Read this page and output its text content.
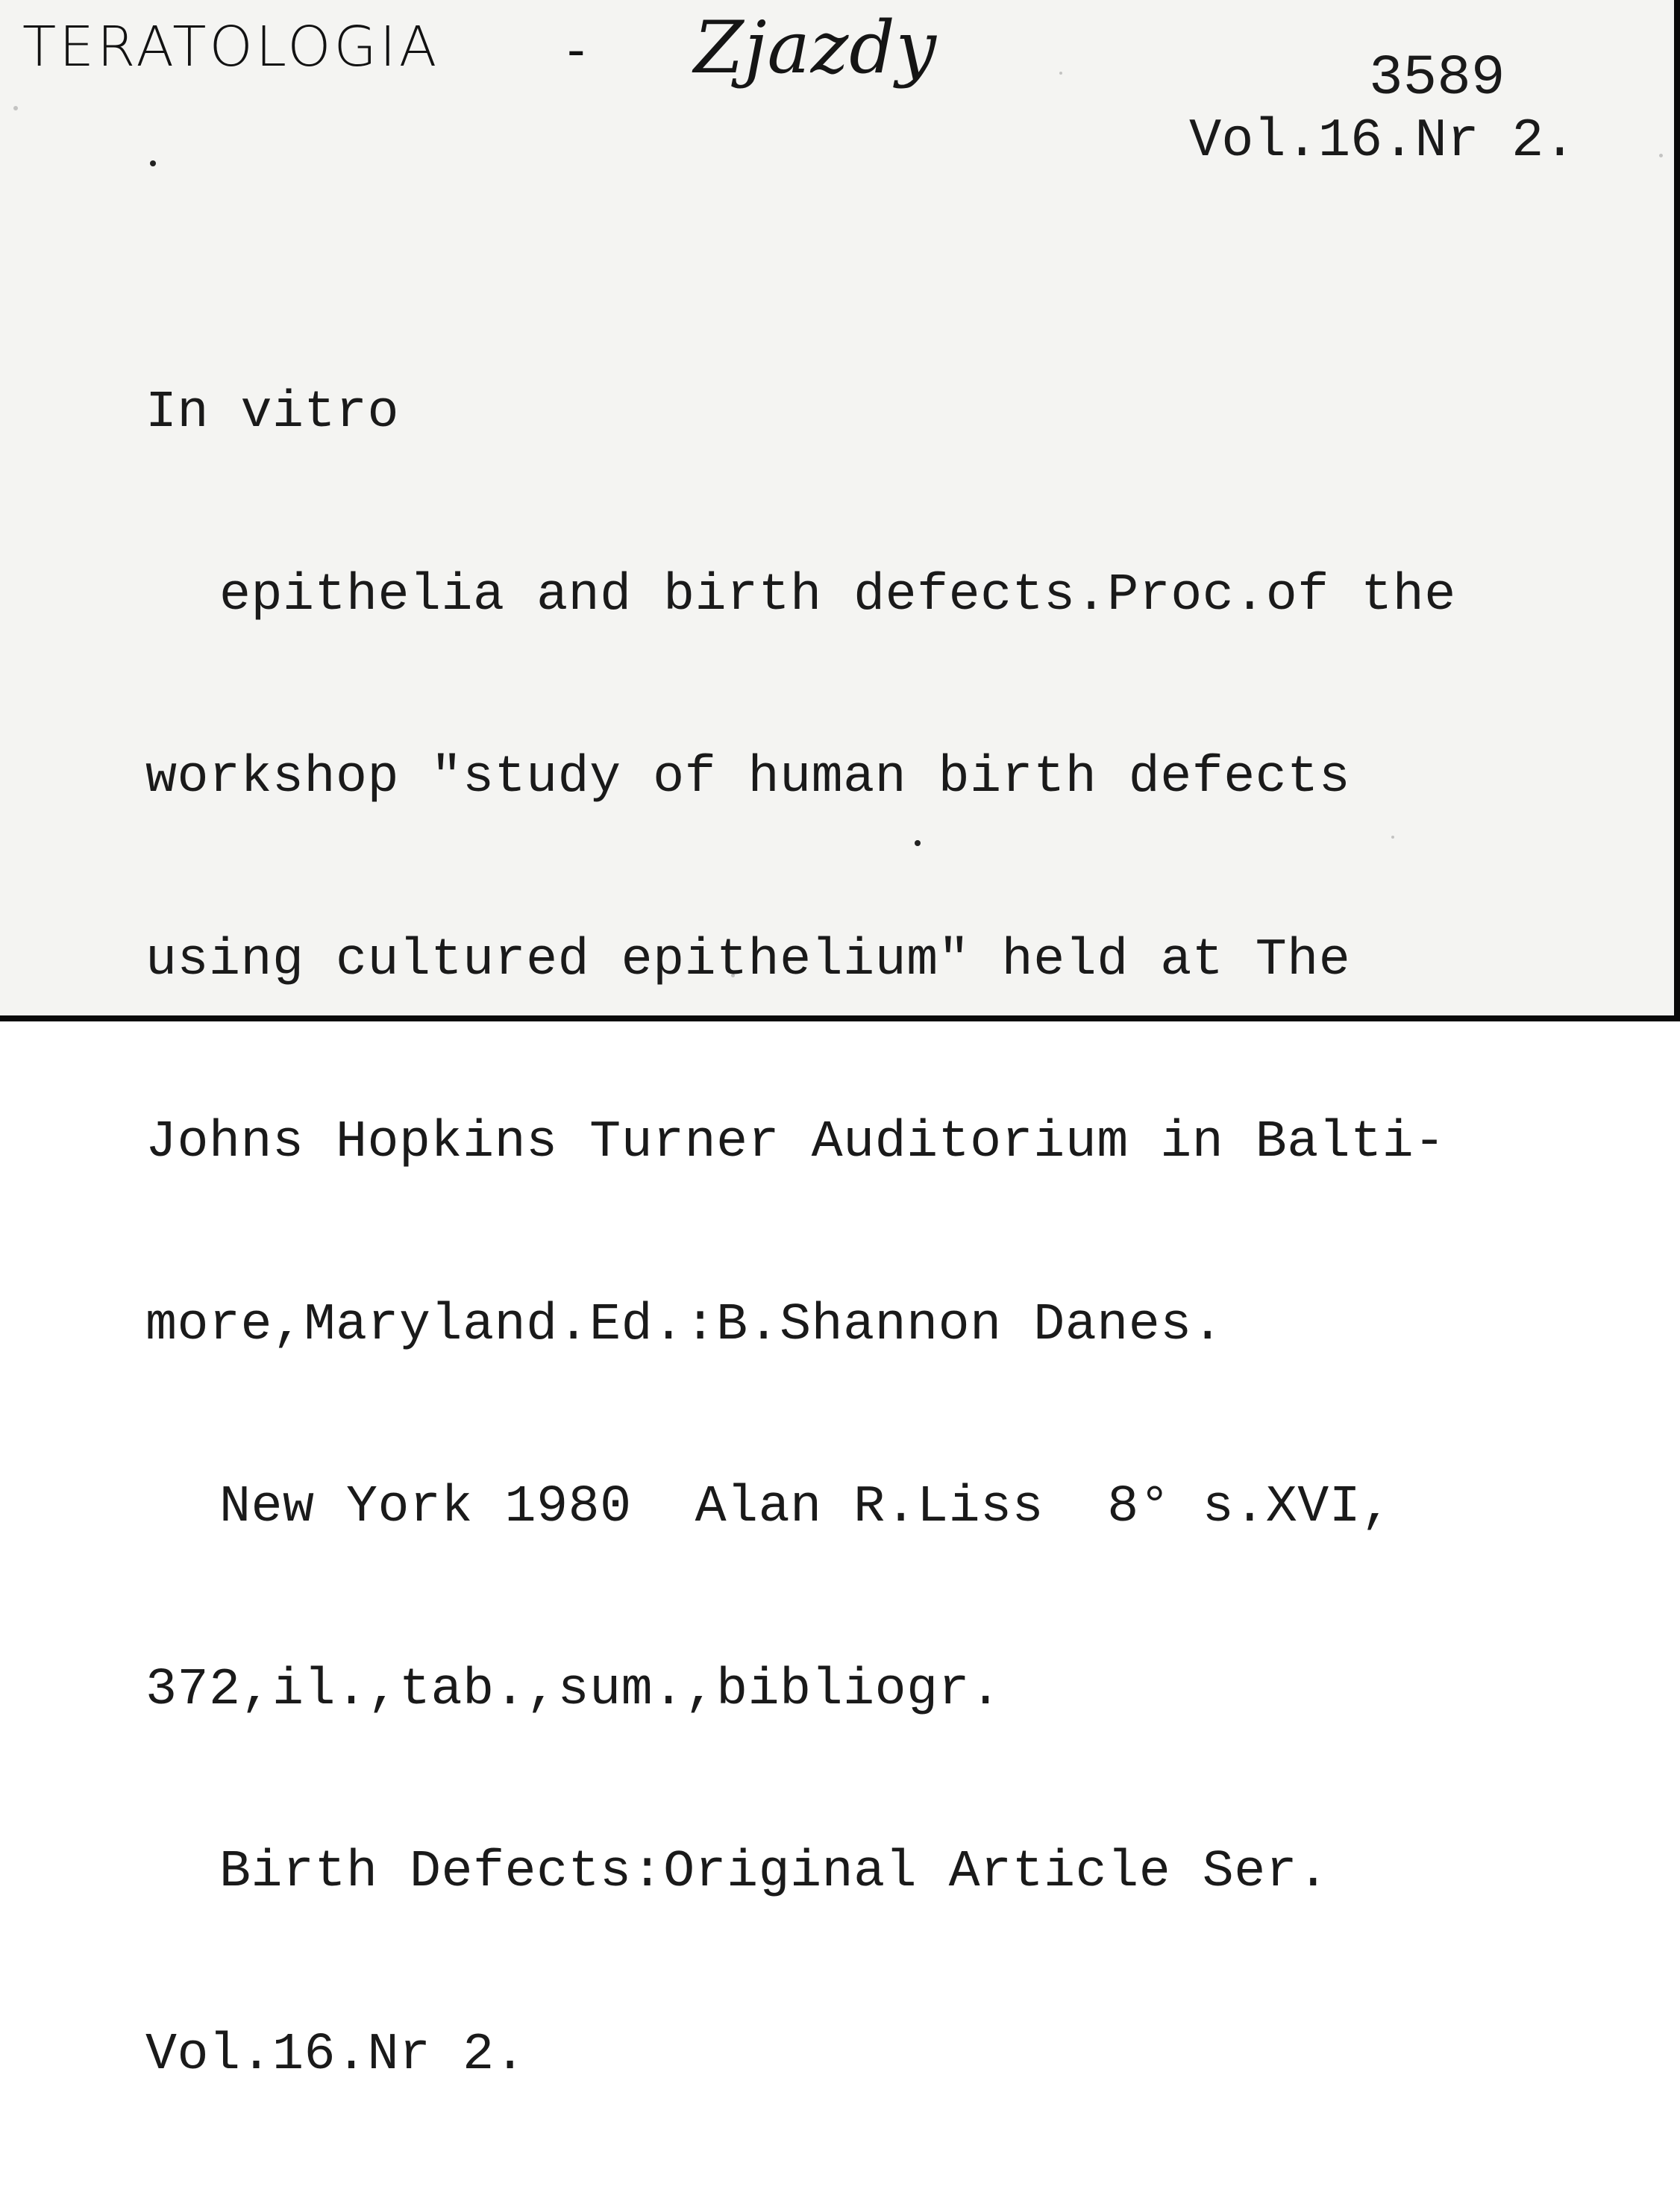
TERATOLOGIA	- Zjazdy	3589
Vol.16.Nr 2.

In vitro

epithelia and birth defects.Proc.of the

workshop "study of human birth defects

using cultured epithelium" held at The

Johns Hopkins Turner Auditorium in Balti-

more,Maryland.Ed.:B.Shannon Danes.

New York 1980  Alan R.Liss  8° s.XVI,

372,il.,tab.,sum.,bibliogr.

Birth Defects:Original Article Ser.

Vol.16.Nr 2.
